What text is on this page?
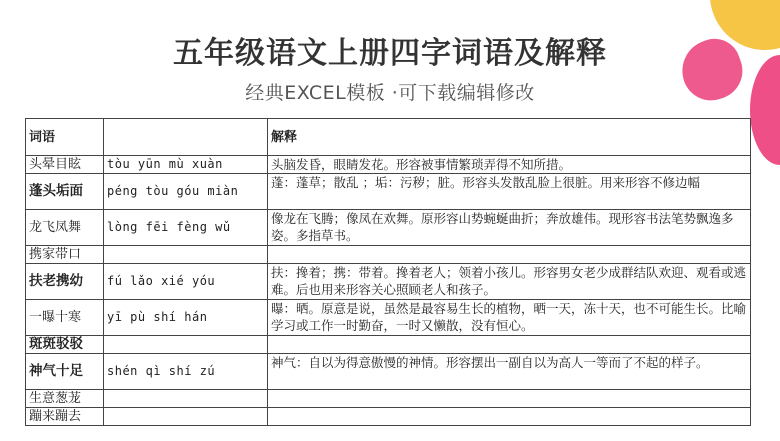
五年级语文上册四字词语及解释
经典EXCEL模板 ·可下载编辑修改
词语		解释
头晕目眩	tòu yūn mù xuàn	头脑发昏，眼睛发花。形容被事情繁琐弄得不知所措。
蓬头垢面	péng tòu góu miàn	蓬：蓬草；散乱 ；垢：污秽；脏。形容头发散乱脸上很脏。用来形容不修边幅
龙飞凤舞	lòng fēi fèng wǔ	像龙在飞腾；像凤在欢舞。原形容山势蜿蜒曲折；奔放雄伟。现形容书法笔势飘逸多姿。多指草书。
携家带口		
扶老携幼	fú lǎo xié yóu	扶：搀着；携：带着。搀着老人；领着小孩儿。形容男女老少成群结队欢迎、观看或逃难。后也用来形容关心照顾老人和孩子。
一曝十寒	yī pù shí hán	曝：晒。原意是说，虽然是最容易生长的植物，晒一天，冻十天，也不可能生长。比喻学习或工作一时勤奋，一时又懒散，没有恒心。
斑斑驳驳		
神气十足	shén qì shí zú	神气：自以为得意傲慢的神情。形容摆出一副自以为高人一等而了不起的样子。
生意葱茏		
蹦来蹦去		
